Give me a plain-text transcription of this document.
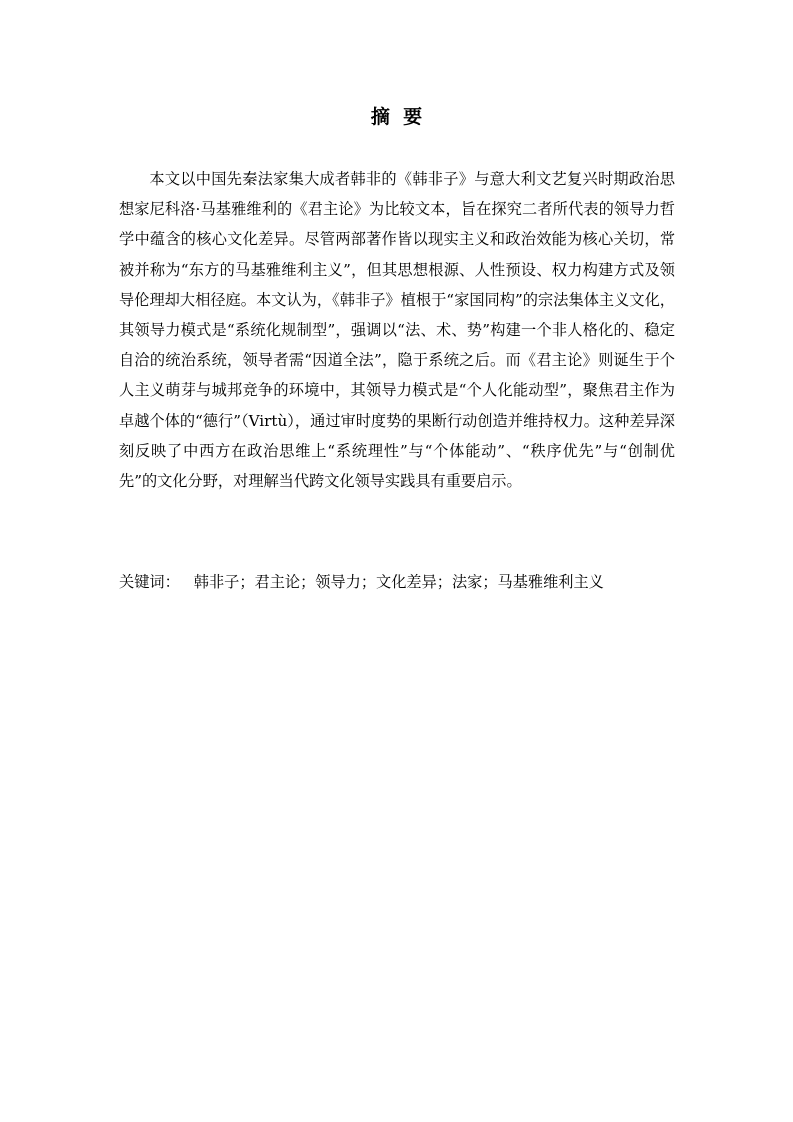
摘  要

本文以中国先秦法家集大成者韩非的《韩非子》与意大利文艺复兴时期政治思想家尼科洛·马基雅维利的《君主论》为比较文本，旨在探究二者所代表的领导力哲学中蕴含的核心文化差异。尽管两部著作皆以现实主义和政治效能为核心关切，常被并称为“东方的马基雅维利主义”，但其思想根源、人性预设、权力构建方式及领导伦理却大相径庭。本文认为，《韩非子》植根于“家国同构”的宗法集体主义文化，其领导力模式是“系统化规制型”，强调以“法、术、势”构建一个非人格化的、稳定自洽的统治系统，领导者需“因道全法”，隐于系统之后。而《君主论》则诞生于个人主义萌芽与城邦竞争的环境中，其领导力模式是“个人化能动型”，聚焦君主作为卓越个体的“德行”（Virtù），通过审时度势的果断行动创造并维持权力。这种差异深刻反映了中西方在政治思维上“系统理性”与“个体能动”、“秩序优先”与“创制优先”的文化分野，对理解当代跨文化领导实践具有重要启示。

关键词： 韩非子；君主论；领导力；文化差异；法家；马基雅维利主义
